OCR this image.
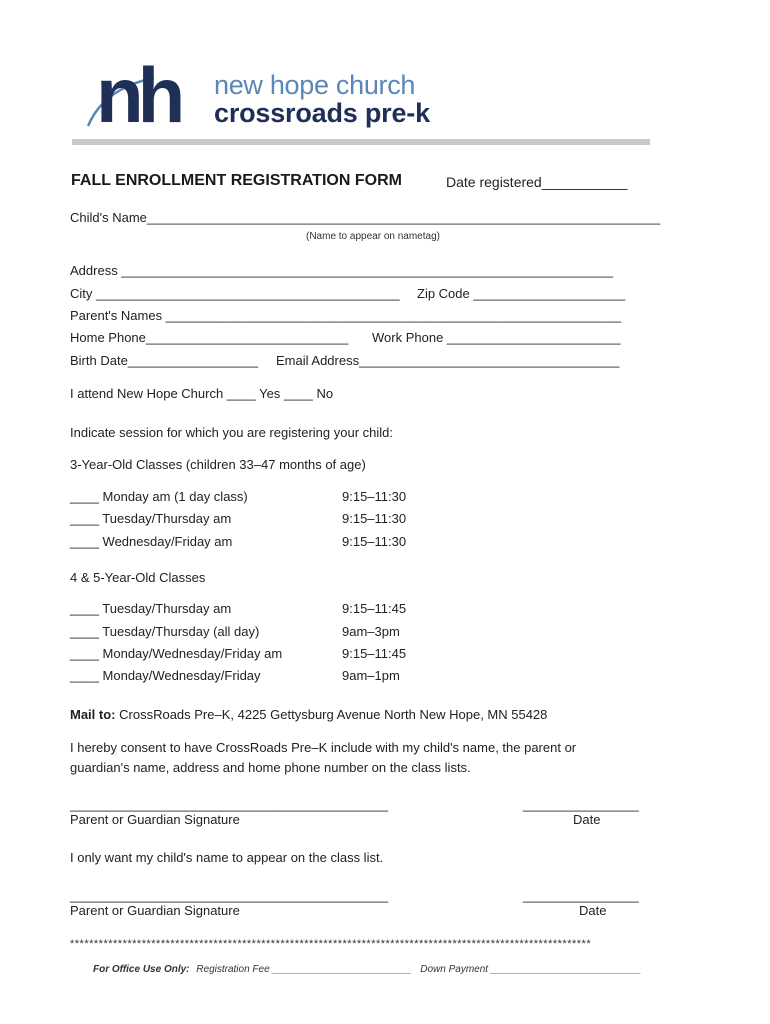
nh new hope church
crossroads pre-k
FALL ENROLLMENT REGISTRATION FORM	Date registered___________
Child's Name_______________________________________________________________________
(Name to appear on nametag)
Address ____________________________________________________________________
City __________________________________________ Zip Code _____________________
Parent's Names _______________________________________________________________
Home Phone____________________________ Work Phone ________________________
Birth Date__________________ Email Address____________________________________
I attend New Hope Church ____ Yes ____ No
Indicate session for which you are registering your child:
3-Year-Old Classes (children 33–47 months of age)
____ Monday am (1 day class)	9:15–11:30
____ Tuesday/Thursday am	9:15–11:30
____ Wednesday/Friday am	9:15–11:30
4 & 5-Year-Old Classes
____ Tuesday/Thursday am	9:15–11:45
____ Tuesday/Thursday (all day)	9am–3pm
____ Monday/Wednesday/Friday am	9:15–11:45
____ Monday/Wednesday/Friday	9am–1pm
Mail to: CrossRoads Pre–K, 4225 Gettysburg Avenue North New Hope, MN 55428
I hereby consent to have CrossRoads Pre–K include with my child's name, the parent or
guardian's name, address and home phone number on the class lists.
____________________________________________	________________
Parent or Guardian Signature	Date
I only want my child's name to appear on the class list.
____________________________________________	________________
Parent or Guardian Signature	Date
*************************************************************************************************************
For Office Use Only: Registration Fee _________________________ Down Payment ___________________________
